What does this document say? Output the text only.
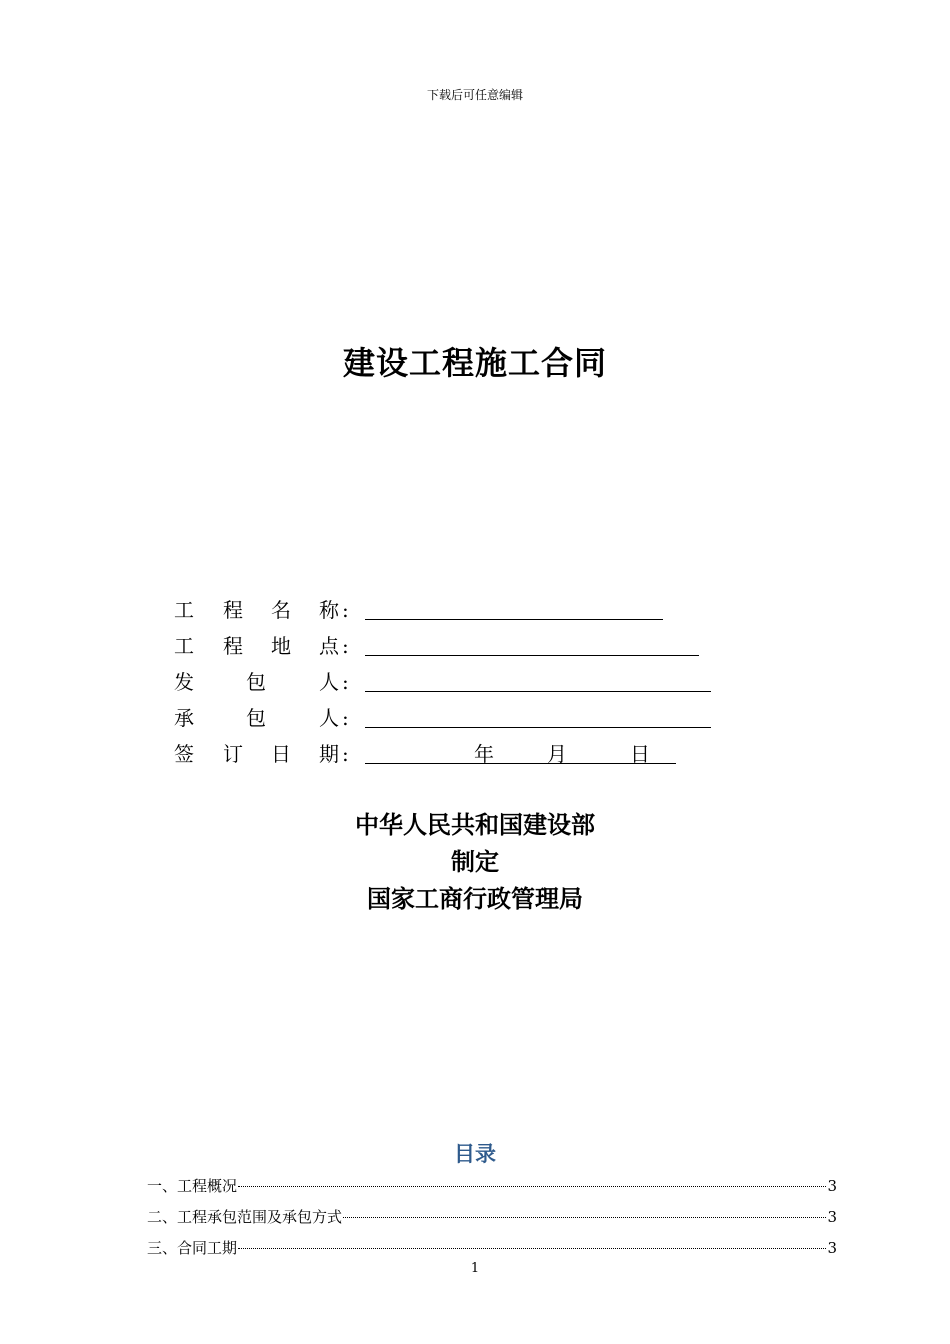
下载后可任意编辑
建设工程施工合同
工 程 名 称 :
工 程 地 点 :
发	包	人 :
承	包	人 :
签 订 日 期 :	年	月	日
中华人民共和国建设部
制定
国家工商行政管理局
目录
一、工程概况	3
二、工程承包范围及承包方式	3
三、合同工期	3
1
